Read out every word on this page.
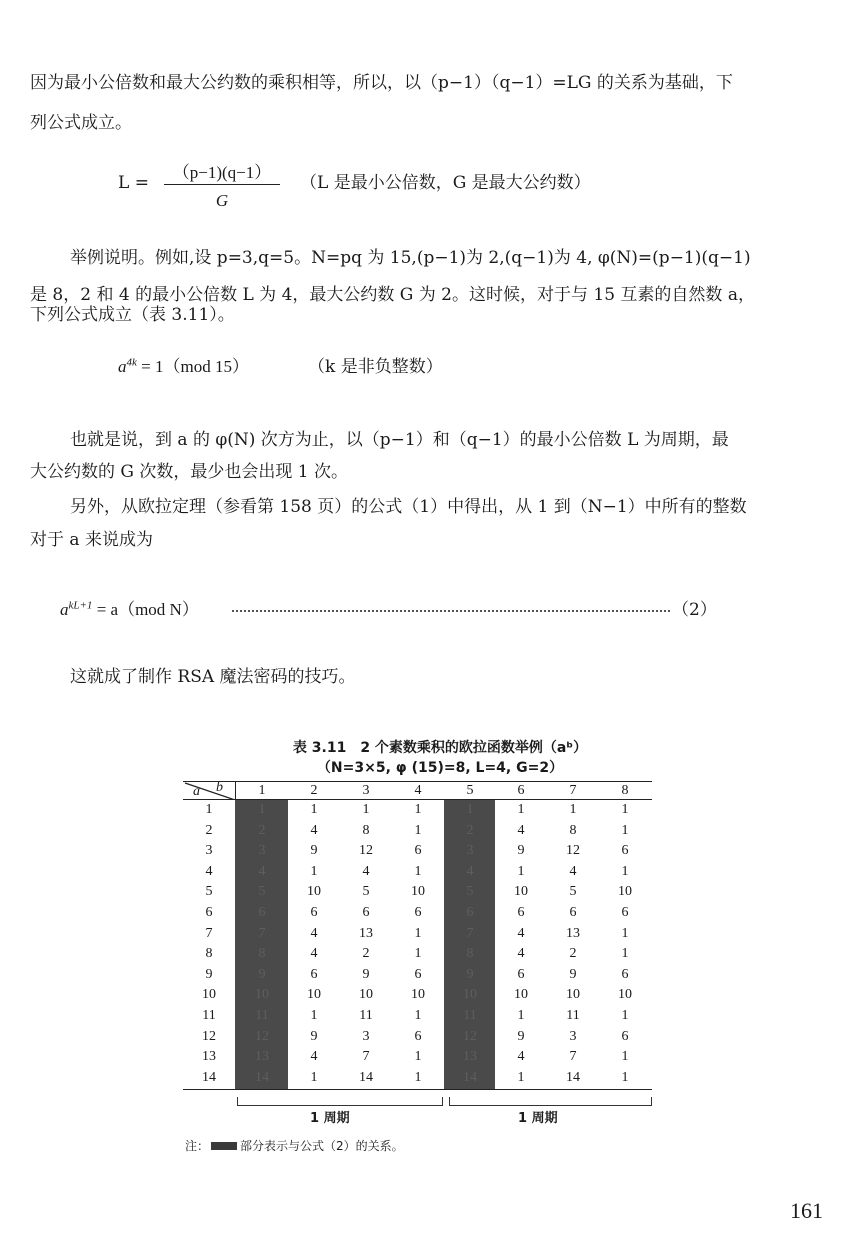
因为最小公倍数和最大公约数的乘积相等，所以，以（p−1）（q−1）=LG 的关系为基础，下
列公式成立。
L =
（p−1)(q−1）
G
（L 是最小公倍数，G 是最大公约数）
举例说明。例如,设 p=3,q=5。N=pq 为 15,(p−1)为 2,(q−1)为 4, φ(N)=(p−1)(q−1)
是 8，2 和 4 的最小公倍数 L 为 4，最大公约数 G 为 2。这时候，对于与 15 互素的自然数 a，
下列公式成立（表 3.11）。
$a^{4k} = 1(mod$ 15）	（k 是非负整数）
也就是说，到 a 的 φ(N) 次方为止，以（p−1）和（q−1）的最小公倍数 L 为周期，最
大公约数的 G 次数，最少也会出现 1 次。
另外，从欧拉定理（参看第 158 页）的公式（1）中得出，从 1 到（N−1）中所有的整数
对于 a 来说成为
$a^{kL+1} = a(mod$ N）	（2）
这就成了制作 RSA 魔法密码的技巧。
表 3.11　2 个素数乘积的欧拉函数举例（aᵇ）
（N=3×5, φ (15)=8, L=4, G=2）
a b	1	2	3	4	5	6	7	8
1	1	1	1	1	1	1	1	1
2	2	4	8	1	2	4	8	1
3	3	9	12	6	3	9	12	6
4	4	1	4	1	4	1	4	1
5	5	10	5	10	5	10	5	10
6	6	6	6	6	6	6	6	6
7	7	4	13	1	7	4	13	1
8	8	4	2	1	8	4	2	1
9	9	6	9	6	9	6	9	6
10	10	10	10	10	10	10	10	10
11	11	1	11	1	11	1	11	1
12	12	9	3	6	12	9	3	6
13	13	4	7	1	13	4	7	1
14	14	1	14	1	14	1	14	1
1 周期	1 周期
注：	部分表示与公式（2）的关系。
161
